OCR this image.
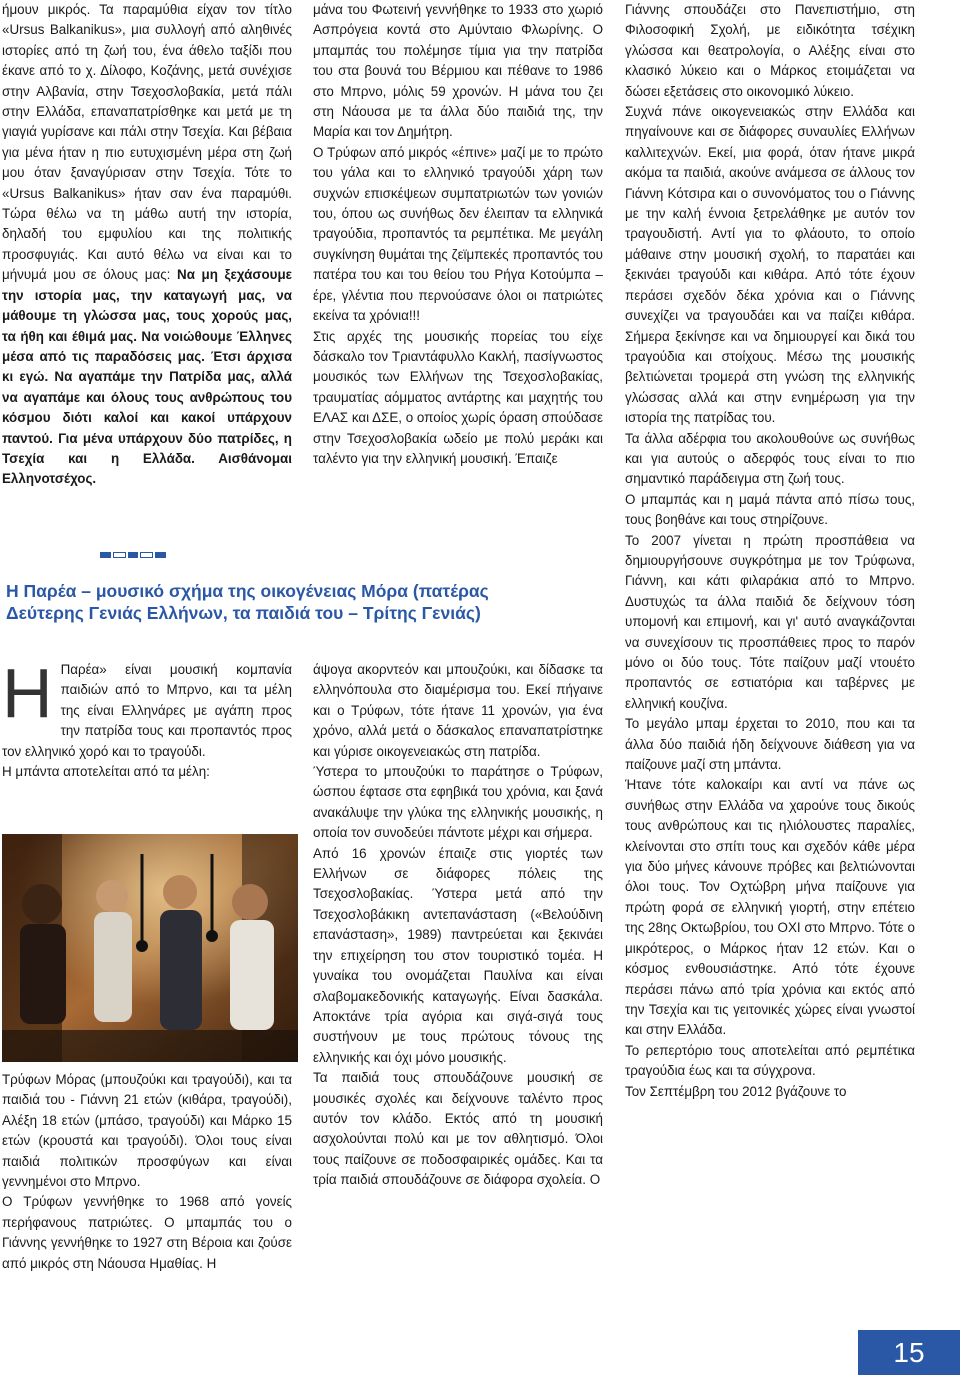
ήμουν μικρός. Τα παραμύθια είχαν τον τίτλο «Ursus Balkanikus», μια συλλογή από αληθινές ιστορίες από τη ζωή του, ένα άθελο ταξίδι που έκανε από το χ. Δίλοφο, Κοζάνης, μετά συνέχισε στην Αλβανία, στην Τσεχοσλοβακία, μετά πάλι στην Ελλάδα, επαναπατρίσθηκε και μετά με τη γιαγιά γυρίσανε και πάλι στην Τσεχία. Και βέβαια για μένα ήταν η πιο ευτυχισμένη μέρα στη ζωή μου όταν ξαναγύρισαν στην Τσεχία. Τότε το «Ursus Balkanikus» ήταν σαν ένα παραμύθι. Τώρα θέλω να τη μάθω αυτή την ιστορία, δηλαδή του εμφυλίου και της πολιτικής προσφυγιάς. Και αυτό θέλω να είναι και το μήνυμά μου σε όλους μας: Να μη ξεχάσουμε την ιστορία μας, την καταγωγή μας, να μάθουμε τη γλώσσα μας, τους χορούς μας, τα ήθη και έθιμά μας. Να νοιώθουμε Έλληνες μέσα από τις παραδόσεις μας. Έτσι άρχισα κι εγώ. Να αγαπάμε την Πατρίδα μας, αλλά να αγαπάμε και όλους τους ανθρώπους του κόσμου διότι καλοί και κακοί υπάρχουν παντού. Για μένα υπάρχουν δύο πατρίδες, η Τσεχία και η Ελλάδα. Αισθάνομαι Ελληνοτσέχος.

μάνα του Φωτεινή γεννήθηκε το 1933 στο χωριό Ασπρόγεια κοντά στο Αμύνταιο Φλωρίνης. Ο μπαμπάς του πολέμησε τίμια για την πατρίδα του στα βουνά του Βέρμιου και πέθανε το 1986 στο Μπρνο, μόλις 59 χρονών. Η μάνα του ζει στη Νάουσα με τα άλλα δύο παιδιά της, την Μαρία και τον Δημήτρη.

Ο Τρύφων από μικρός «έπινε» μαζί με το πρώτο του γάλα και το ελληνικό τραγούδι χάρη των συχνών επισκέψεων συμπατριωτών των γονιών του, όπου ως συνήθως δεν έλειπαν τα ελληνικά τραγούδια, προπαντός τα ρεμπέτικα. Με μεγάλη συγκίνηση θυμάται της ζεϊμπεκές προπαντός του πατέρα του και του θείου του Ρήγα Κοτούμπα – έρε, γλέντια που περνούσανε όλοι οι πατριώτες εκείνα τα χρόνια!!!

Στις αρχές της μουσικής πορείας του είχε δάσκαλο τον Τριαντάφυλλο Κακλή, πασίγνωστος μουσικός των Ελλήνων της Τσεχοσλοβακίας, τραυματίας αόμματος αντάρτης και μαχητής του ΕΛΑΣ και ΔΣΕ, ο οποίος χωρίς όραση σπούδασε στην Τσεχοσλοβακία ωδείο με πολύ μεράκι και ταλέντο για την ελληνική μουσική. Έπαιζε

Η Παρέα – μουσικό σχήμα της οικογένειας Μόρα (πατέρας
Δεύτερης Γενιάς Ελλήνων, τα παιδιά του – Τρίτης Γενιάς)
Η Παρέα» είναι μουσική κομπανία παιδιών από το Μπρνο, και τα μέλη της είναι Ελληνάρες με αγάπη προς την πατρίδα τους και προπαντός προς τον ελληνικό χορό και το τραγούδι.

Η μπάντα αποτελείται από τα μέλη:

Τρύφων Μόρας (μπουζούκι και τραγούδι), και τα παιδιά του - Γιάννη 21 ετών (κιθάρα, τραγούδι), Αλέξη 18 ετών (μπάσο, τραγούδι) και Μάρκο 15 ετών (κρουστά και τραγούδι). Όλοι τους είναι παιδιά πολιτικών προσφύγων και είναι γεννημένοι στο Μπρνο.

Ο Τρύφων γεννήθηκε το 1968 από γονείς περήφανους πατριώτες. Ο μπαμπάς του ο Γιάννης γεννήθηκε το 1927 στη Βέροια και ζούσε από μικρός στη Νάουσα Ημαθίας. Η

άψογα ακορντεόν και μπουζούκι, και δίδασκε τα ελληνόπουλα στο διαμέρισμα του. Εκεί πήγαινε και ο Τρύφων, τότε ήτανε 11 χρονών, για ένα χρόνο, αλλά μετά ο δάσκαλος επαναπατρίστηκε και γύρισε οικογενειακώς στη πατρίδα.

Ύστερα το μπουζούκι το παράτησε ο Τρύφων, ώσπου έφτασε στα εφηβικά του χρόνια, και ξανά ανακάλυψε την γλύκα της ελληνικής μουσικής, η οποία τον συνοδεύει πάντοτε μέχρι και σήμερα.

Από 16 χρονών έπαιζε στις γιορτές των Ελλήνων σε διάφορες πόλεις της Τσεχοσλοβακίας. Ύστερα μετά από την Τσεχοσλοβάκικη αντεπανάσταση («Βελούδινη επανάσταση», 1989) παντρεύεται και ξεκινάει την επιχείρηση του στον τουριστικό τομέα. Η γυναίκα του ονομάζεται Παυλίνα και είναι σλαβομακεδονικής καταγωγής. Είναι δασκάλα. Αποκτάνε τρία αγόρια και σιγά-σιγά τους συστήνουν με τους πρώτους τόνους της ελληνικής και όχι μόνο μουσικής.

Τα παιδιά τους σπουδάζουνε μουσική σε μουσικές σχολές και δείχνουνε ταλέντο προς αυτόν τον κλάδο. Εκτός από τη μουσική ασχολούνται πολύ και με τον αθλητισμό. Όλοι τους παίζουνε σε ποδοσφαιρικές ομάδες. Και τα τρία παιδιά σπουδάζουνε σε διάφορα σχολεία. Ο

Γιάννης σπουδάζει στο Πανεπιστήμιο, στη Φιλοσοφική Σχολή, με ειδικότητα τσέχικη γλώσσα και θεατρολογία, ο Αλέξης είναι στο κλασικό λύκειο και ο Μάρκος ετοιμάζεται να δώσει εξετάσεις στο οικονομικό λύκειο.

Συχνά πάνε οικογενειακώς στην Ελλάδα και πηγαίνουνε και σε διάφορες συναυλίες Ελλήνων καλλιτεχνών. Εκεί, μια φορά, όταν ήτανε μικρά ακόμα τα παιδιά, ακούνε ανάμεσα σε άλλους τον Γιάννη Κότσιρα και ο συνονόματος του ο Γιάννης με την καλή έννοια ξετρελάθηκε με αυτόν τον τραγουδιστή. Αντί για το φλάουτο, το οποίο μάθαινε στην μουσική σχολή, το παρατάει και ξεκινάει τραγούδι και κιθάρα. Από τότε έχουν περάσει σχεδόν δέκα χρόνια και ο Γιάννης συνεχίζει να τραγουδάει και να παίζει κιθάρα. Σήμερα ξεκίνησε και να δημιουργεί και δικά του τραγούδια και στοίχους. Μέσω της μουσικής βελτιώνεται τρομερά στη γνώση της ελληνικής γλώσσας αλλά και στην ενημέρωση για την ιστορία της πατρίδας του.

Τα άλλα αδέρφια του ακολουθούνε ως συνήθως και για αυτούς ο αδερφός τους είναι το πιο σημαντικό παράδειγμα στη ζωή τους.

Ο μπαμπάς και η μαμά πάντα από πίσω τους, τους βοηθάνε και τους στηρίζουνε.

Το 2007 γίνεται η πρώτη προσπάθεια να δημιουργήσουνε συγκρότημα με τον Τρύφωνα, Γιάννη, και κάτι φιλαράκια από το Μπρνο. Δυστυχώς τα άλλα παιδιά δε δείχνουν τόση υπομονή και επιμονή, και γι' αυτό αναγκάζονται να συνεχίσουν τις προσπάθειες προς το παρόν μόνο οι δύο τους. Τότε παίζουν μαζί ντουέτο προπαντός σε εστιατόρια και ταβέρνες με ελληνική κουζίνα.

Το μεγάλο μπαμ έρχεται το 2010, που και τα άλλα δύο παιδιά ήδη δείχνουνε διάθεση για να παίζουνε μαζί στη μπάντα.

Ήτανε τότε καλοκαίρι και αντί να πάνε ως συνήθως στην Ελλάδα να χαρούνε τους δικούς τους ανθρώπους και τις ηλιόλουστες παραλίες, κλείνονται στο σπίτι τους και σχεδόν κάθε μέρα για δύο μήνες κάνουνε πρόβες και βελτιώνονται όλοι τους. Τον Οχτώβρη μήνα παίζουνε για πρώτη φορά σε ελληνική γιορτή, στην επέτειο της 28ης Οκτωβρίου, του ΟΧΙ στο Μπρνο. Τότε ο μικρότερος, ο Μάρκος ήταν 12 ετών. Και ο κόσμος ενθουσιάστηκε. Από τότε έχουνε περάσει πάνω από τρία χρόνια και εκτός από την Τσεχία και τις γειτονικές χώρες είναι γνωστοί και στην Ελλάδα.

Το ρεπερτόριο τους αποτελείται από ρεμπέτικα τραγούδια έως και τα σύγχρονα.

Τον Σεπτέμβρη του 2012 βγάζουνε το

15
